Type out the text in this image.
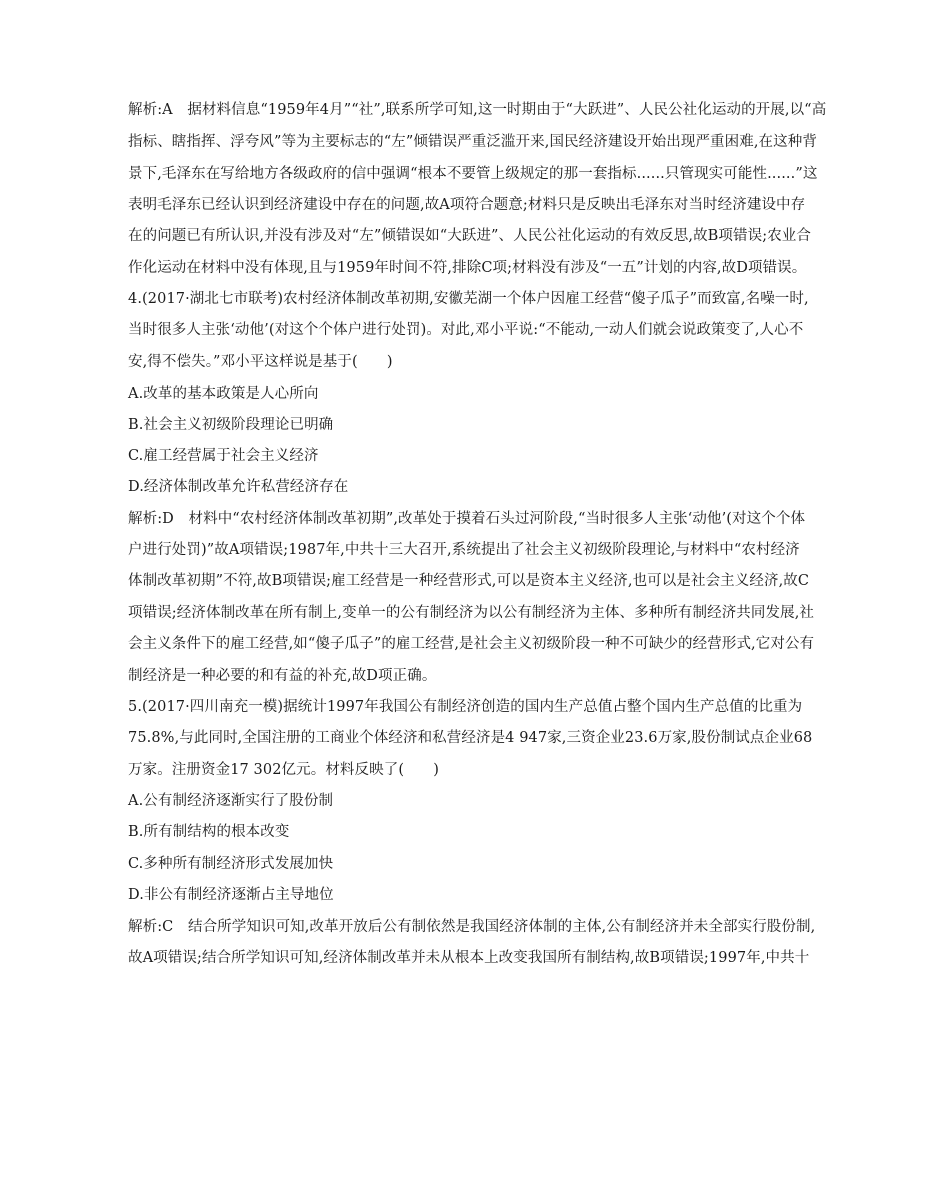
解析:A　据材料信息“1959年4月”“社”,联系所学可知,这一时期由于“大跃进”、人民公社化运动的开展,以“高
指标、瞎指挥、浮夸风”等为主要标志的“左”倾错误严重泛滥开来,国民经济建设开始出现严重困难,在这种背
景下,毛泽东在写给地方各级政府的信中强调“根本不要管上级规定的那一套指标......只管现实可能性......”这
表明毛泽东已经认识到经济建设中存在的问题,故A项符合题意;材料只是反映出毛泽东对当时经济建设中存
在的问题已有所认识,并没有涉及对“左”倾错误如“大跃进”、人民公社化运动的有效反思,故B项错误;农业合
作化运动在材料中没有体现,且与1959年时间不符,排除C项;材料没有涉及“一五”计划的内容,故D项错误。
4.(2017·湖北七市联考)农村经济体制改革初期,安徽芜湖一个体户因雇工经营“傻子瓜子”而致富,名噪一时,
当时很多人主张‘动他’(对这个个体户进行处罚)。对此,邓小平说:“不能动,一动人们就会说政策变了,人心不
安,得不偿失。”邓小平这样说是基于(　　)
A.改革的基本政策是人心所向
B.社会主义初级阶段理论已明确
C.雇工经营属于社会主义经济
D.经济体制改革允许私营经济存在
解析:D　材料中“农村经济体制改革初期”,改革处于摸着石头过河阶段,“当时很多人主张‘动他’(对这个个体
户进行处罚)”故A项错误;1987年,中共十三大召开,系统提出了社会主义初级阶段理论,与材料中“农村经济
体制改革初期”不符,故B项错误;雇工经营是一种经营形式,可以是资本主义经济,也可以是社会主义经济,故C
项错误;经济体制改革在所有制上,变单一的公有制经济为以公有制经济为主体、多种所有制经济共同发展,社
会主义条件下的雇工经营,如“傻子瓜子”的雇工经营,是社会主义初级阶段一种不可缺少的经营形式,它对公有
制经济是一种必要的和有益的补充,故D项正确。
5.(2017·四川南充一模)据统计1997年我国公有制经济创造的国内生产总值占整个国内生产总值的比重为
75.8%,与此同时,全国注册的工商业个体经济和私营经济是4 947家,三资企业23.6万家,股份制试点企业68
万家。注册资金17 302亿元。材料反映了(　　)
A.公有制经济逐渐实行了股份制
B.所有制结构的根本改变
C.多种所有制经济形式发展加快
D.非公有制经济逐渐占主导地位
解析:C　结合所学知识可知,改革开放后公有制依然是我国经济体制的主体,公有制经济并未全部实行股份制,
故A项错误;结合所学知识可知,经济体制改革并未从根本上改变我国所有制结构,故B项错误;1997年,中共十
